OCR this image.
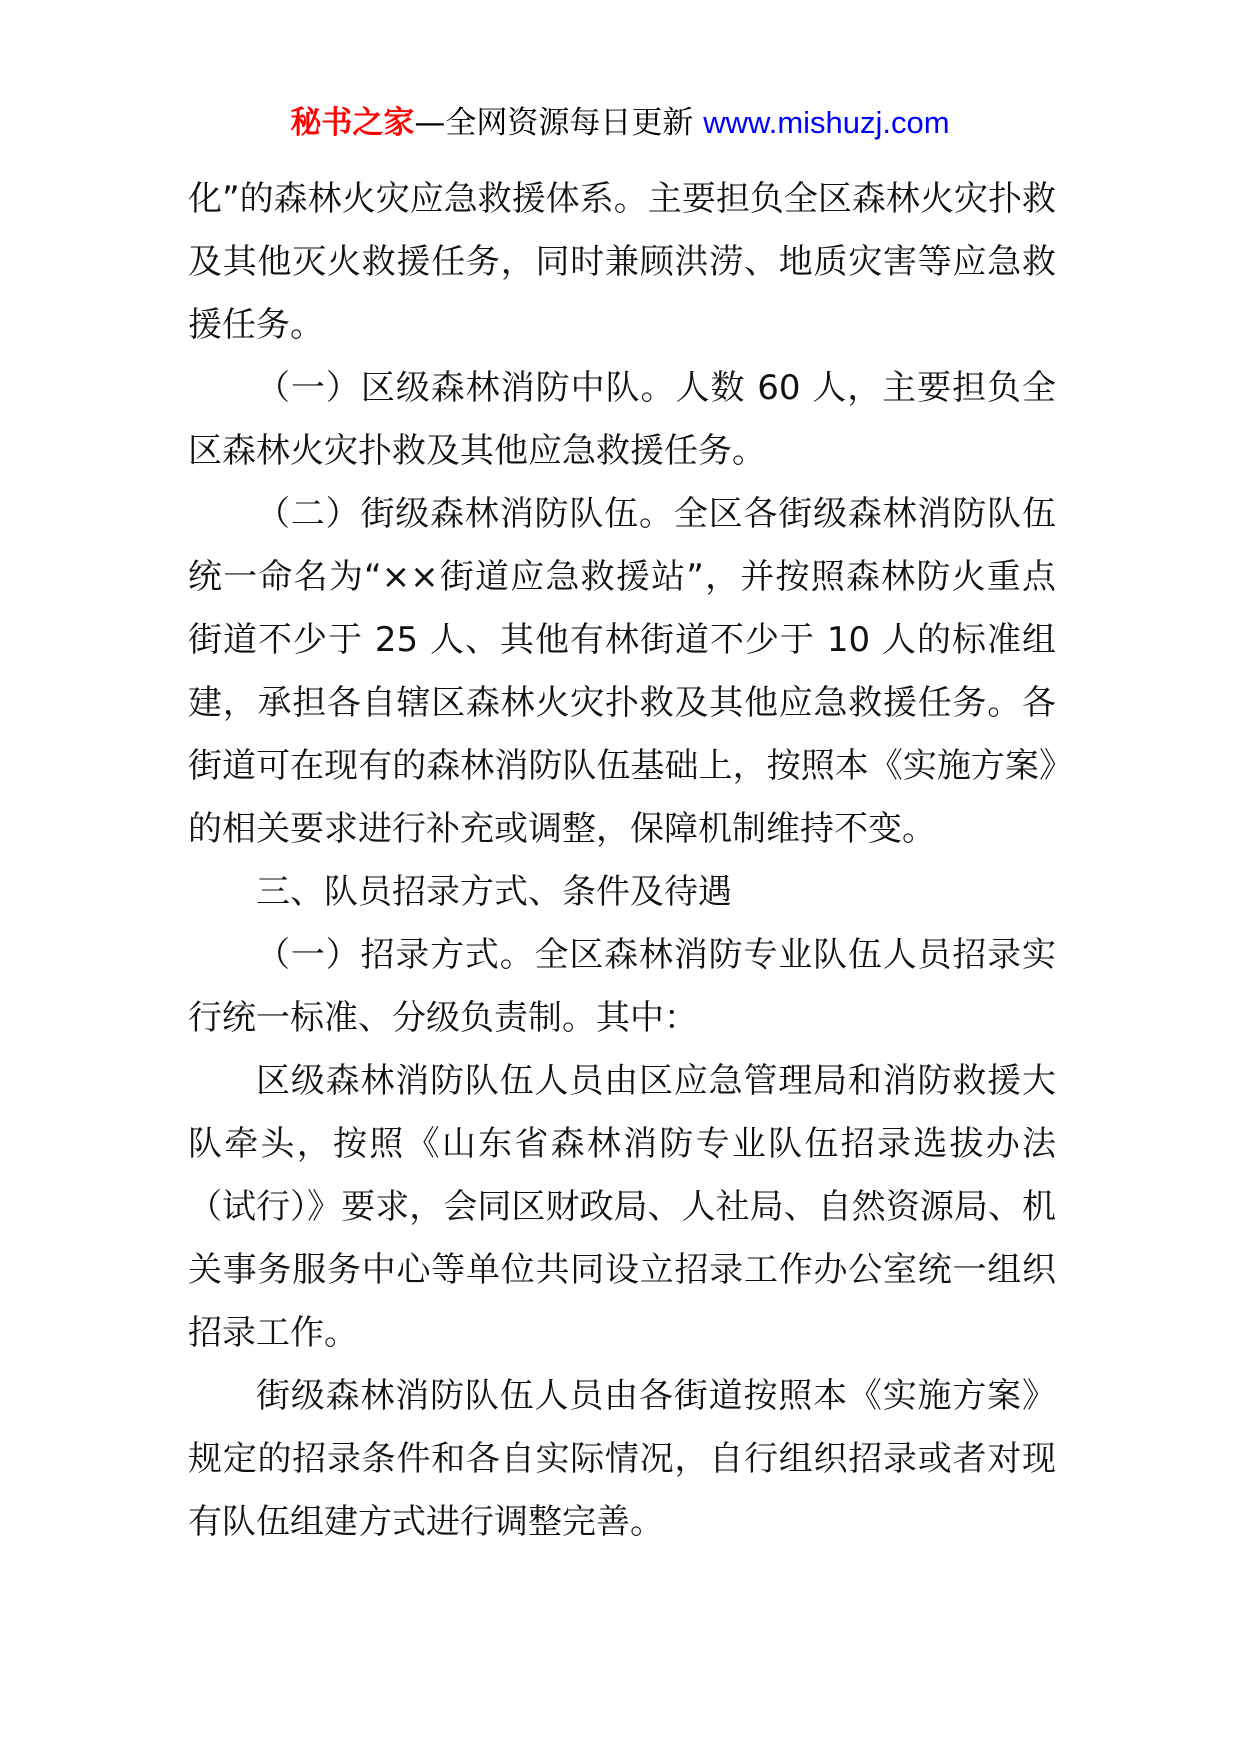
秘书之家—全网资源每日更新 www.mishuzj.com

化”的森林火灾应急救援体系。主要担负全区森林火灾扑救及其他灭火救援任务，同时兼顾洪涝、地质灾害等应急救援任务。

（一）区级森林消防中队。人数 60 人，主要担负全区森林火灾扑救及其他应急救援任务。

（二）街级森林消防队伍。全区各街级森林消防队伍统一命名为“××街道应急救援站”，并按照森林防火重点街道不少于 25 人、其他有林街道不少于 10 人的标准组建，承担各自辖区森林火灾扑救及其他应急救援任务。各街道可在现有的森林消防队伍基础上，按照本《实施方案》的相关要求进行补充或调整，保障机制维持不变。

三、队员招录方式、条件及待遇

（一）招录方式。全区森林消防专业队伍人员招录实行统一标准、分级负责制。其中：

区级森林消防队伍人员由区应急管理局和消防救援大队牵头，按照《山东省森林消防专业队伍招录选拔办法（试行）》要求，会同区财政局、人社局、自然资源局、机关事务服务中心等单位共同设立招录工作办公室统一组织招录工作。

街级森林消防队伍人员由各街道按照本《实施方案》规定的招录条件和各自实际情况，自行组织招录或者对现有队伍组建方式进行调整完善。
